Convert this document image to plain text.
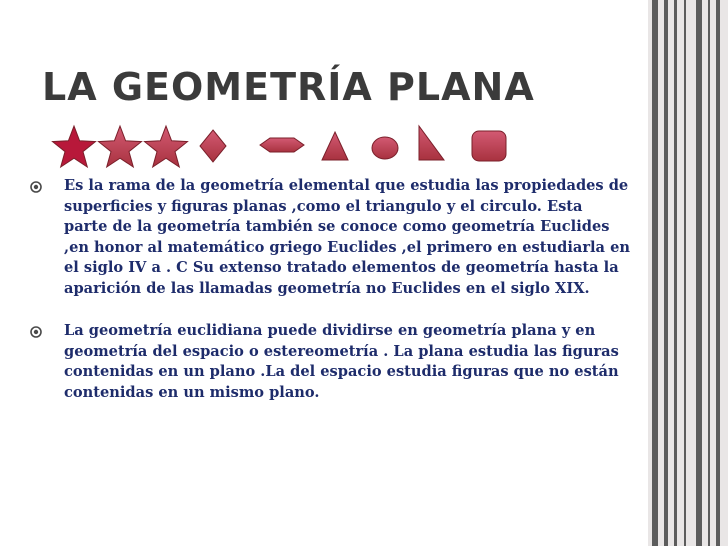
LA GEOMETRÍA PLANA

Es la rama de la geometría elemental que estudia las propiedades de superficies y figuras planas ,como el triangulo y el circulo. Esta parte de la geometría también se conoce como geometría Euclides ,en honor al matemático griego Euclides ,el primero en estudiarla en el siglo IV a . C Su extenso tratado elementos de geometría hasta la aparición de las llamadas geometría no Euclides en el siglo XIX.

La geometría euclidiana puede dividirse en geometría plana y en geometría del espacio o estereometría . La plana estudia las figuras contenidas en un plano .La del espacio estudia figuras que no están contenidas en un mismo plano.
